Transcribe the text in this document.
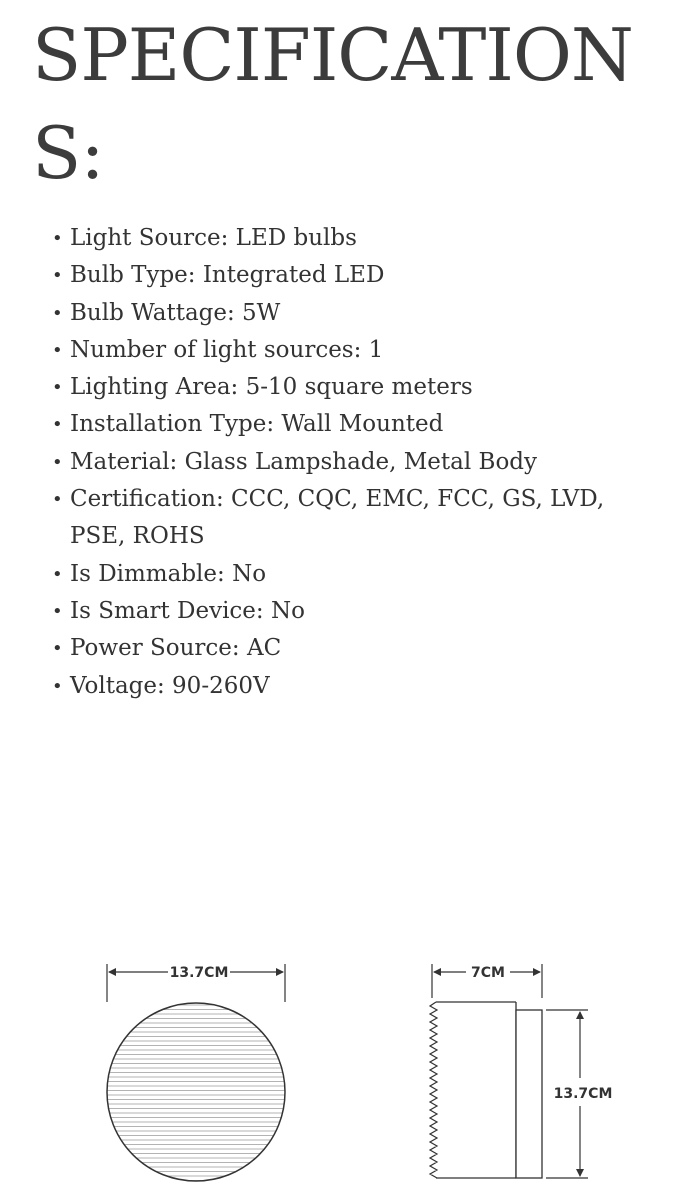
SPECIFICATIONS:
• Light Source: LED bulbs
• Bulb Type: Integrated LED
• Bulb Wattage: 5W
• Number of light sources: 1
• Lighting Area: 5-10 square meters
• Installation Type: Wall Mounted
• Material: Glass Lampshade, Metal Body
• Certification: CCC, CQC, EMC, FCC, GS, LVD, PSE, ROHS
• Is Dimmable: No
• Is Smart Device: No
• Power Source: AC
• Voltage: 90-260V
13.7CM	7CM
13.7CM
